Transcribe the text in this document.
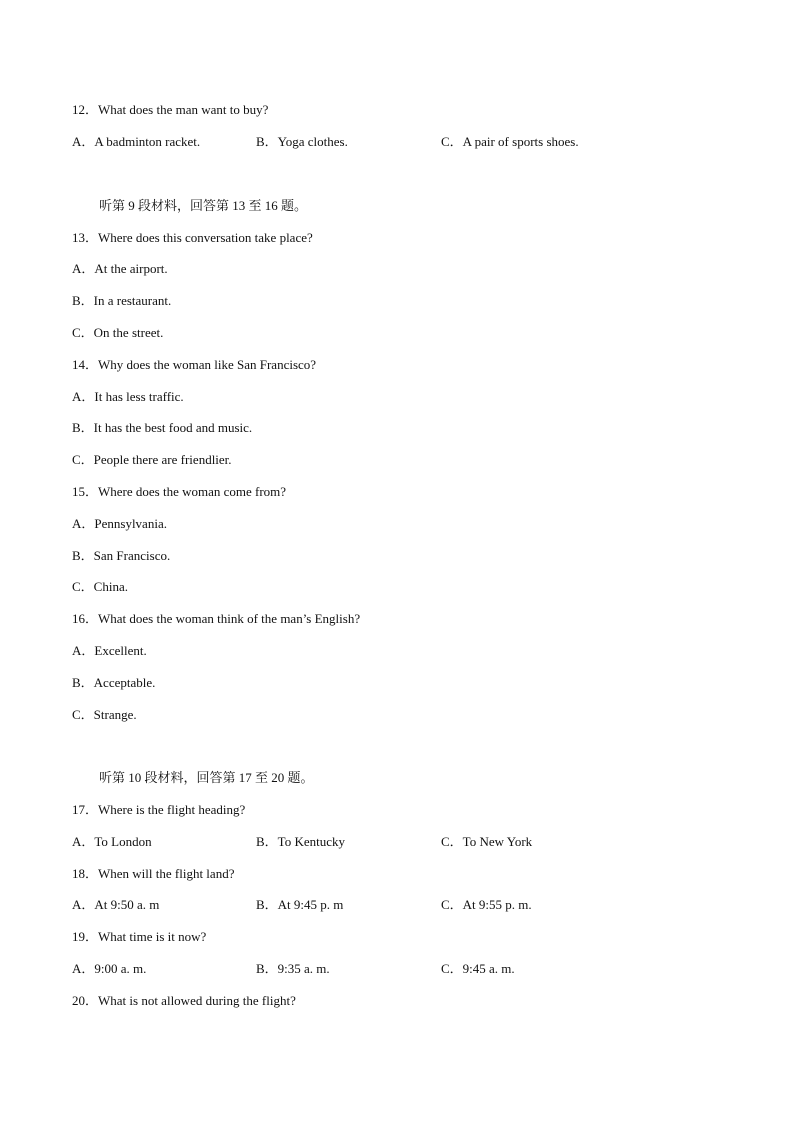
12．What does the man want to buy?
A．A badminton racket.	B．Yoga clothes.	C．A pair of sports shoes.
听第 9 段材料，回答第 13 至 16 题。
13．Where does this conversation take place?
A．At the airport.
B．In a restaurant.
C．On the street.
14．Why does the woman like San Francisco?
A．It has less traffic.
B．It has the best food and music.
C．People there are friendlier.
15．Where does the woman come from?
A．Pennsylvania.
B．San Francisco.
C．China.
16．What does the woman think of the man’s English?
A．Excellent.
B．Acceptable.
C．Strange.
听第 10 段材料，回答第 17 至 20 题。
17．Where is the flight heading?
A．To London	B．To Kentucky	C．To New York
18．When will the flight land?
A．At 9:50 a. m	B．At 9:45 p. m	C．At 9:55 p. m.
19．What time is it now?
A．9:00 a. m.	B．9:35 a. m.	C．9:45 a. m.
20．What is not allowed during the flight?
